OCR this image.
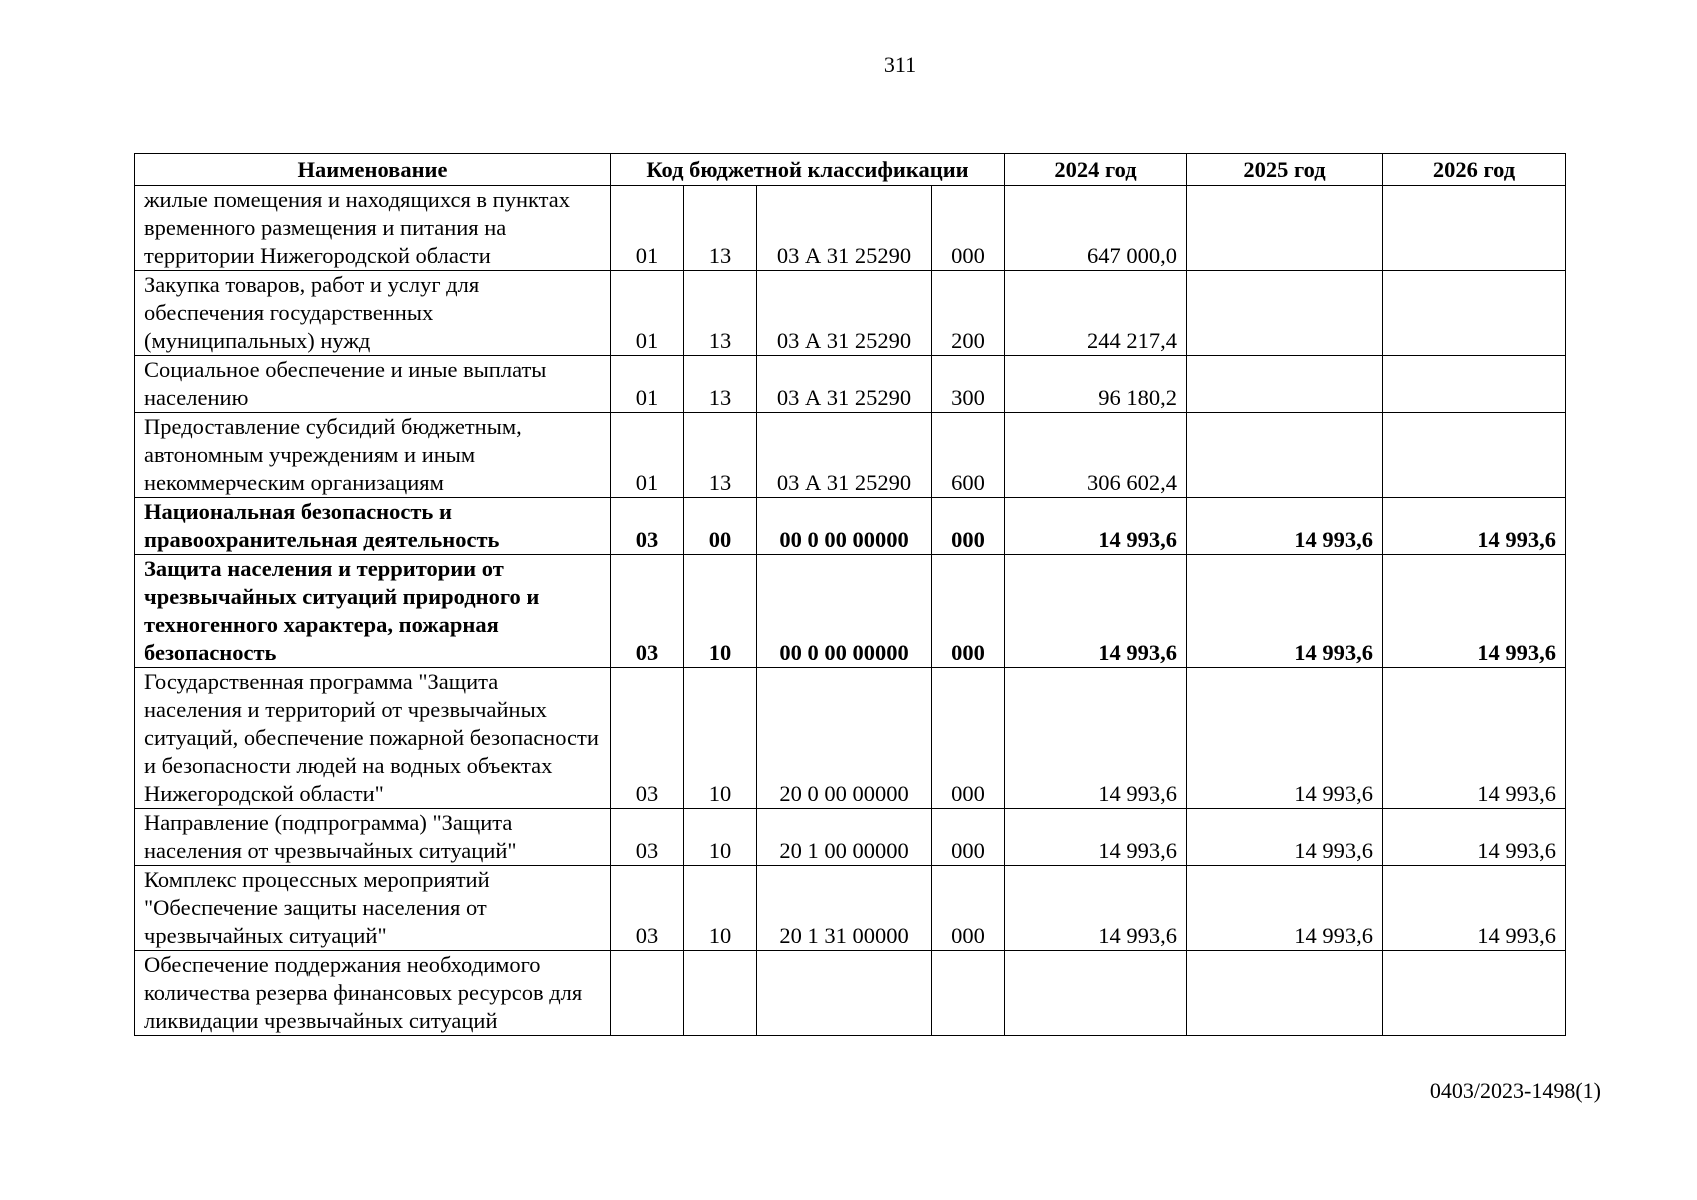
311
Наименование	Код бюджетной классификации				2024 год	2025 год	2026 год
жилые помещения и находящихся в пунктах временного размещения и питания на территории Нижегородской области	01	13	03 А 31 25290	000	647 000,0		
Закупка товаров, работ и услуг для обеспечения государственных (муниципальных) нужд	01	13	03 А 31 25290	200	244 217,4		
Социальное обеспечение и иные выплаты населению	01	13	03 А 31 25290	300	96 180,2		
Предоставление субсидий бюджетным, автономным учреждениям и иным некоммерческим организациям	01	13	03 А 31 25290	600	306 602,4		
Национальная безопасность и правоохранительная деятельность	03	00	00 0 00 00000	000	14 993,6	14 993,6	14 993,6
Защита населения и территории от чрезвычайных ситуаций природного и техногенного характера, пожарная безопасность	03	10	00 0 00 00000	000	14 993,6	14 993,6	14 993,6
Государственная программа "Защита населения и территорий от чрезвычайных ситуаций, обеспечение пожарной безопасности и безопасности людей на водных объектах Нижегородской области"	03	10	20 0 00 00000	000	14 993,6	14 993,6	14 993,6
Направление (подпрограмма) "Защита населения от чрезвычайных ситуаций"	03	10	20 1 00 00000	000	14 993,6	14 993,6	14 993,6
Комплекс процессных мероприятий "Обеспечение защиты населения от чрезвычайных ситуаций"	03	10	20 1 31 00000	000	14 993,6	14 993,6	14 993,6
Обеспечение поддержания необходимого количества резерва финансовых ресурсов для ликвидации чрезвычайных ситуаций							
0403/2023-1498(1)
